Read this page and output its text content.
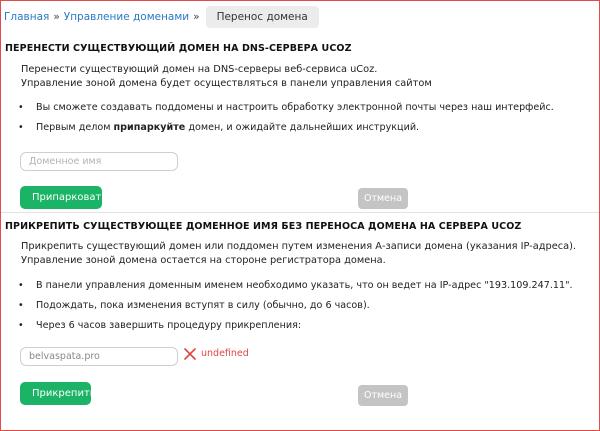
Главная » Управление доменами »	Перенос домена
ПЕРЕНЕСТИ СУЩЕСТВУЮЩИЙ ДОМЕН НА DNS-СЕРВЕРА UCOZ
Перенести существующий домен на DNS-серверы веб-сервиса uCoz.
Управление зоной домена будет осуществляться в панели управления сайтом
•	Вы сможете создавать поддомены и настроить обработку электронной почты через наш интерфейс.
•	Первым делом припаркуйте домен, и ожидайте дальнейших инструкций.
Доменное имя
Припарковать	Отмена
ПРИКРЕПИТЬ СУЩЕСТВУЮЩЕЕ ДОМЕННОЕ ИМЯ БЕЗ ПЕРЕНОСА ДОМЕНА НА СЕРВЕРА UCOZ
Прикрепить существующий домен или поддомен путем изменения А-записи домена (указания IP-адреса).
Управление зоной домена остается на стороне регистратора домена.
•	В панели управления доменным именем необходимо указать, что он ведет на IP-адрес "193.109.247.11".
•	Подождать, пока изменения вступят в силу (обычно, до 6 часов).
•	Через 6 часов завершить процедуру прикрепления:
belvaspata.pro
undefined
Прикрепить	Отмена
